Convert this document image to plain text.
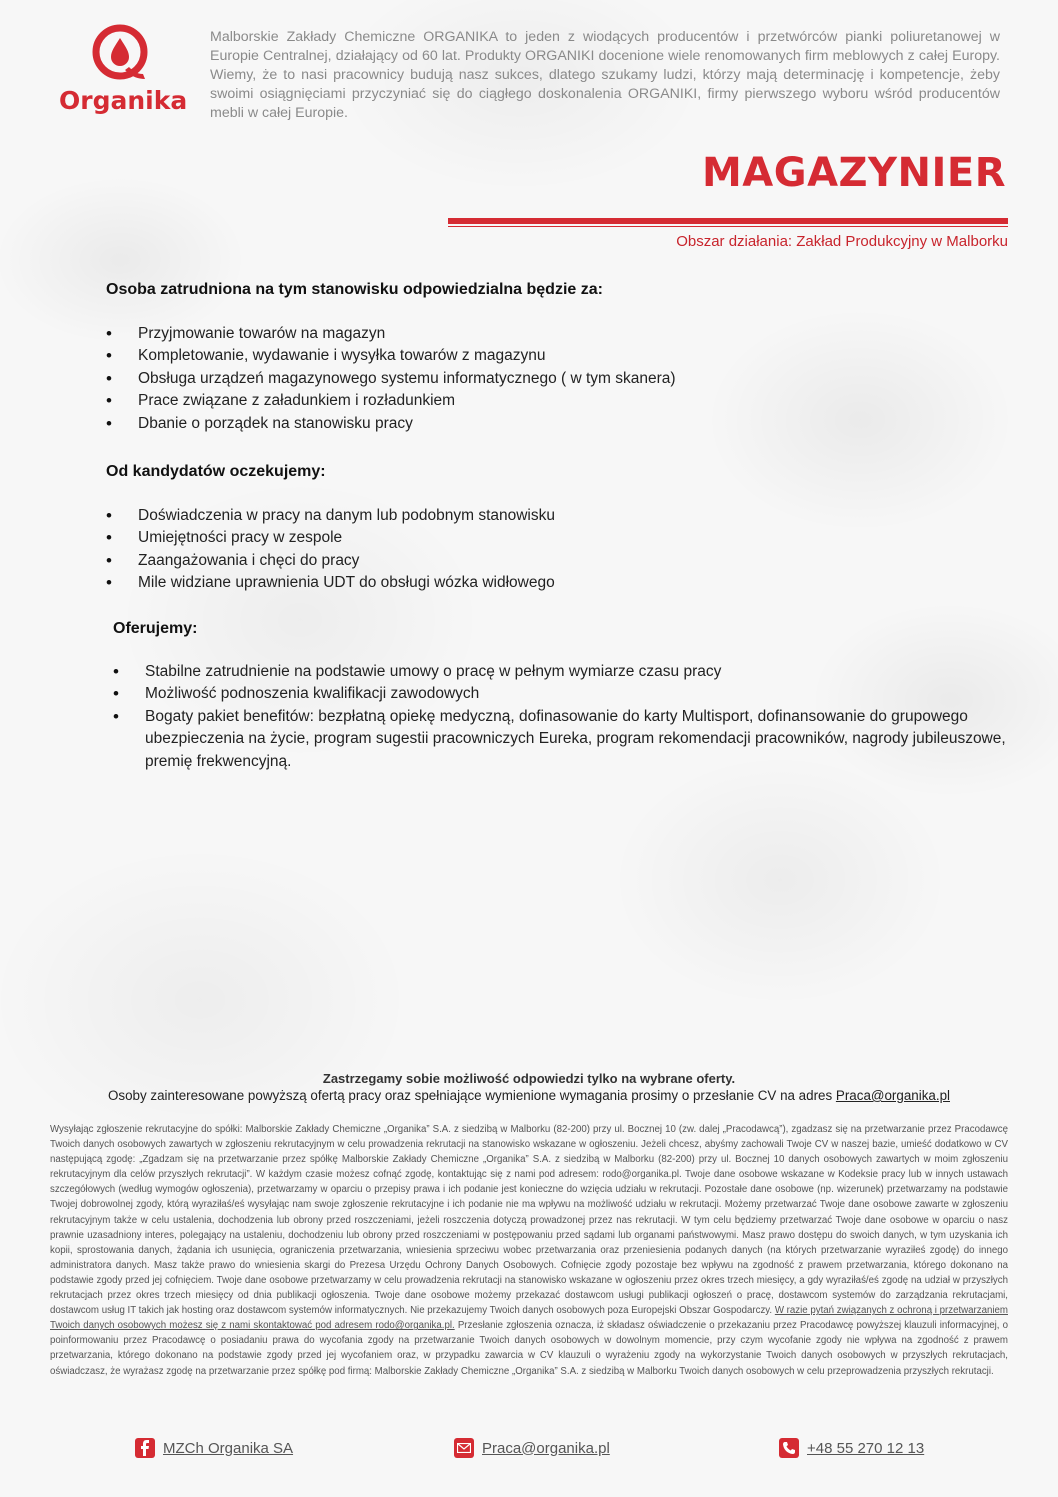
Organika
Malborskie Zakłady Chemiczne ORGANIKA to jeden z wiodących producentów i przetwórców pianki poliuretanowej w Europie Centralnej, działający od 60 lat. Produkty ORGANIKI docenione wiele renomowanych firm meblowych z całej Europy. Wiemy, że to nasi pracownicy budują nasz sukces, dlatego szukamy ludzi, którzy mają determinację i kompetencje, żeby swoimi osiągnięciami przyczyniać się do ciągłego doskonalenia ORGANIKI, firmy pierwszego wyboru wśród producentów mebli w całej Europie.
MAGAZYNIER
Obszar działania: Zakład Produkcyjny w Malborku
Osoba zatrudniona na tym stanowisku odpowiedzialna będzie za:
• Przyjmowanie towarów na magazyn
• Kompletowanie, wydawanie i wysyłka towarów z magazynu
• Obsługa urządzeń magazynowego systemu informatycznego ( w tym skanera)
• Prace związane z załadunkiem i rozładunkiem
• Dbanie o porządek na stanowisku pracy
Od kandydatów oczekujemy:
• Doświadczenia w pracy na danym lub podobnym stanowisku
• Umiejętności pracy w zespole
• Zaangażowania i chęci do pracy
• Mile widziane uprawnienia UDT do obsługi wózka widłowego
Oferujemy:
• Stabilne zatrudnienie na podstawie umowy o pracę w pełnym wymiarze czasu pracy
• Możliwość podnoszenia kwalifikacji zawodowych
• Bogaty pakiet benefitów: bezpłatną opiekę medyczną, dofinasowanie do karty Multisport, dofinansowanie do grupowego ubezpieczenia na życie, program sugestii pracowniczych Eureka, program rekomendacji pracowników, nagrody jubileuszowe, premię frekwencyjną.
Zastrzegamy sobie możliwość odpowiedzi tylko na wybrane oferty.
Osoby zainteresowane powyższą ofertą pracy oraz spełniające wymienione wymagania prosimy o przesłanie CV na adres Praca@organika.pl
Wysyłając zgłoszenie rekrutacyjne do spółki: Malborskie Zakłady Chemiczne „Organika” S.A. z siedzibą w Malborku (82-200) przy ul. Bocznej 10 (zw. dalej „Pracodawcą”), zgadzasz się na przetwarzanie przez Pracodawcę Twoich danych osobowych zawartych w zgłoszeniu rekrutacyjnym w celu prowadzenia rekrutacji na stanowisko wskazane w ogłoszeniu. Jeżeli chcesz, abyśmy zachowali Twoje CV w naszej bazie, umieść dodatkowo w CV następującą zgodę: „Zgadzam się na przetwarzanie przez spółkę Malborskie Zakłady Chemiczne „Organika” S.A. z siedzibą w Malborku (82-200) przy ul. Bocznej 10 danych osobowych zawartych w moim zgłoszeniu rekrutacyjnym dla celów przyszłych rekrutacji”. W każdym czasie możesz cofnąć zgodę, kontaktując się z nami pod adresem: rodo@organika.pl. Twoje dane osobowe wskazane w Kodeksie pracy lub w innych ustawach szczegółowych (według wymogów ogłoszenia), przetwarzamy w oparciu o przepisy prawa i ich podanie jest konieczne do wzięcia udziału w rekrutacji. Pozostałe dane osobowe (np. wizerunek) przetwarzamy na podstawie Twojej dobrowolnej zgody, którą wyraziłaś/eś wysyłając nam swoje zgłoszenie rekrutacyjne i ich podanie nie ma wpływu na możliwość udziału w rekrutacji. Możemy przetwarzać Twoje dane osobowe zawarte w zgłoszeniu rekrutacyjnym także w celu ustalenia, dochodzenia lub obrony przed roszczeniami, jeżeli roszczenia dotyczą prowadzonej przez nas rekrutacji. W tym celu będziemy przetwarzać Twoje dane osobowe w oparciu o nasz prawnie uzasadniony interes, polegający na ustaleniu, dochodzeniu lub obrony przed roszczeniami w postępowaniu przed sądami lub organami państwowymi. Masz prawo dostępu do swoich danych, w tym uzyskania ich kopii, sprostowania danych, żądania ich usunięcia, ograniczenia przetwarzania, wniesienia sprzeciwu wobec przetwarzania oraz przeniesienia podanych danych (na których przetwarzanie wyraziłeś zgodę) do innego administratora danych. Masz także prawo do wniesienia skargi do Prezesa Urzędu Ochrony Danych Osobowych. Cofnięcie zgody pozostaje bez wpływu na zgodność z prawem przetwarzania, którego dokonano na podstawie zgody przed jej cofnięciem. Twoje dane osobowe przetwarzamy w celu prowadzenia rekrutacji na stanowisko wskazane w ogłoszeniu przez okres trzech miesięcy, a gdy wyraziłaś/eś zgodę na udział w przyszłych rekrutacjach przez okres trzech miesięcy od dnia publikacji ogłoszenia. Twoje dane osobowe możemy przekazać dostawcom usługi publikacji ogłoszeń o pracę, dostawcom systemów do zarządzania rekrutacjami, dostawcom usług IT takich jak hosting oraz dostawcom systemów informatycznych. Nie przekazujemy Twoich danych osobowych poza Europejski Obszar Gospodarczy. W razie pytań związanych z ochroną i przetwarzaniem Twoich danych osobowych możesz się z nami skontaktować pod adresem rodo@organika.pl. Przesłanie zgłoszenia oznacza, iż składasz oświadczenie o przekazaniu przez Pracodawcę powyższej klauzuli informacyjnej, o poinformowaniu przez Pracodawcę o posiadaniu prawa do wycofania zgody na przetwarzanie Twoich danych osobowych w dowolnym momencie, przy czym wycofanie zgody nie wpływa na zgodność z prawem przetwarzania, którego dokonano na podstawie zgody przed jej wycofaniem oraz, w przypadku zawarcia w CV klauzuli o wyrażeniu zgody na wykorzystanie Twoich danych osobowych w przyszłych rekrutacjach, oświadczasz, że wyrażasz zgodę na przetwarzanie przez spółkę pod firmą: Malborskie Zakłady Chemiczne „Organika” S.A. z siedzibą w Malborku Twoich danych osobowych w celu przeprowadzenia przyszłych rekrutacji.
MZCh Organika SA	Praca@organika.pl	+48 55 270 12 13
